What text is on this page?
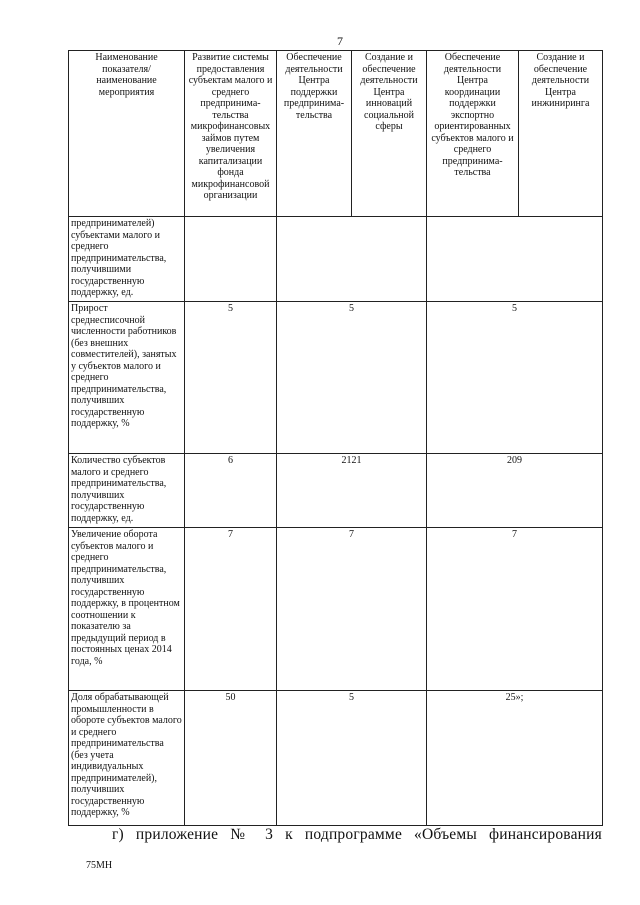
7
Наименование показателя/ наименование мероприятия	Развитие системы предоставления субъектам малого и среднего предпринима-тельства микрофинансовых займов путем увеличения капитализации фонда микрофинансовой организации	Обеспечение деятельности Центра поддержки предпринима-тельства	Создание и обеспечение деятельности Центра инноваций социальной сферы	Обеспечение деятельности Центра координации поддержки экспортно ориентированных субъектов малого и среднего предпринима-тельства	Создание и обеспечение деятельности Центра инжиниринга
предпринимателей) субъектами малого и среднего предпринимательства, получившими государственную поддержку, ед.					
Прирост среднесписочной численности работников (без внешних совместителей), занятых у субъектов малого и среднего предпринимательства, получивших государственную поддержку, %	5	5		5	
Количество субъектов малого и среднего предпринимательства, получивших государственную поддержку, ед.	6	2121		209	
Увеличение оборота субъектов малого и среднего предпринимательства, получивших государственную поддержку, в процентном соотношении к показателю за предыдущий период в постоянных ценах 2014 года, %	7	7		7	
Доля обрабатывающей промышленности в обороте субъектов малого и среднего предпринимательства (без учета индивидуальных предпринимателей), получивших государственную поддержку, %	50	5		25»;	
г) приложение № 3 к подпрограмме «Объемы финансирования
75МН
